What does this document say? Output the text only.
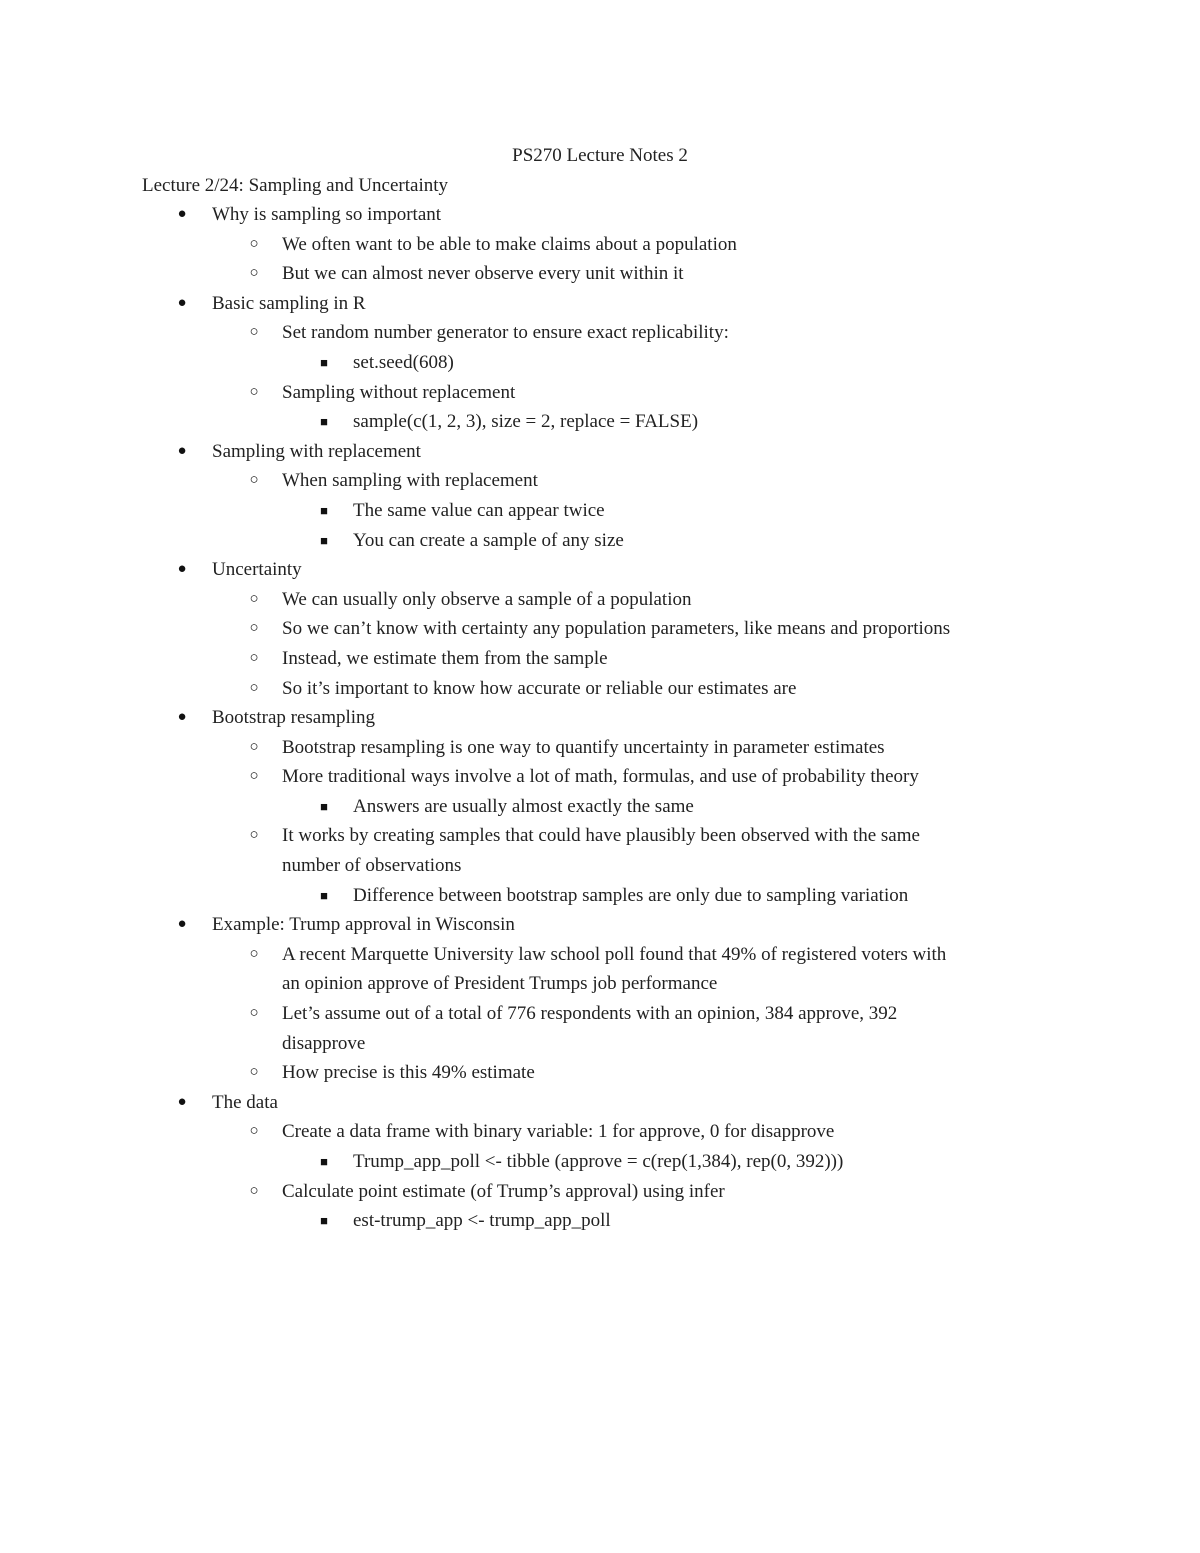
PS270 Lecture Notes 2
Lecture 2/24: Sampling and Uncertainty
● Why is sampling so important
○ We often want to be able to make claims about a population
○ But we can almost never observe every unit within it
● Basic sampling in R
○ Set random number generator to ensure exact replicability:
■	set.seed(608)
○ Sampling without replacement
■	sample(c(1, 2, 3), size = 2, replace = FALSE)
● Sampling with replacement
○ When sampling with replacement
■	The same value can appear twice
■	You can create a sample of any size
● Uncertainty
○ We can usually only observe a sample of a population
○ So we can’t know with certainty any population parameters, like means and proportions
○ Instead, we estimate them from the sample
○ So it’s important to know how accurate or reliable our estimates are
● Bootstrap resampling
○ Bootstrap resampling is one way to quantify uncertainty in parameter estimates
○ More traditional ways involve a lot of math, formulas, and use of probability theory
■	Answers are usually almost exactly the same
○ It works by creating samples that could have plausibly been observed with the same
number of observations
■	Difference between bootstrap samples are only due to sampling variation
● Example: Trump approval in Wisconsin
○ A recent Marquette University law school poll found that 49% of registered voters with
an opinion approve of President Trumps job performance
○ Let’s assume out of a total of 776 respondents with an opinion, 384 approve, 392
disapprove
○ How precise is this 49% estimate
● The data
○ Create a data frame with binary variable: 1 for approve, 0 for disapprove
■	Trump_app_poll <- tibble (approve = c(rep(1,384), rep(0, 392)))
○ Calculate point estimate (of Trump’s approval) using infer
■	est-trump_app <- trump_app_poll
